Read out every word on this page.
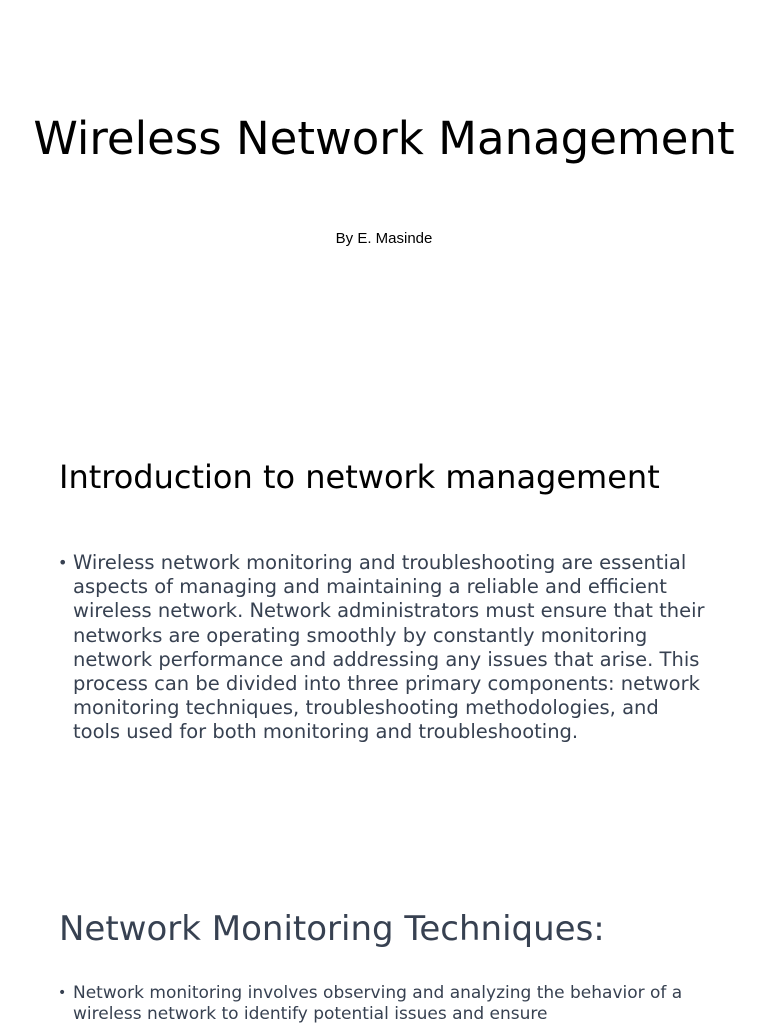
Wireless Network Management
By E. Masinde
Introduction to network management
• Wireless network monitoring and troubleshooting are essential aspects of managing and maintaining a reliable and efficient wireless network. Network administrators must ensure that their networks are operating smoothly by constantly monitoring network performance and addressing any issues that arise. This process can be divided into three primary components: network monitoring techniques, troubleshooting methodologies, and tools used for both monitoring and troubleshooting.
Network Monitoring Techniques:
• Network monitoring involves observing and analyzing the behavior of a wireless network to identify potential issues and ensure
